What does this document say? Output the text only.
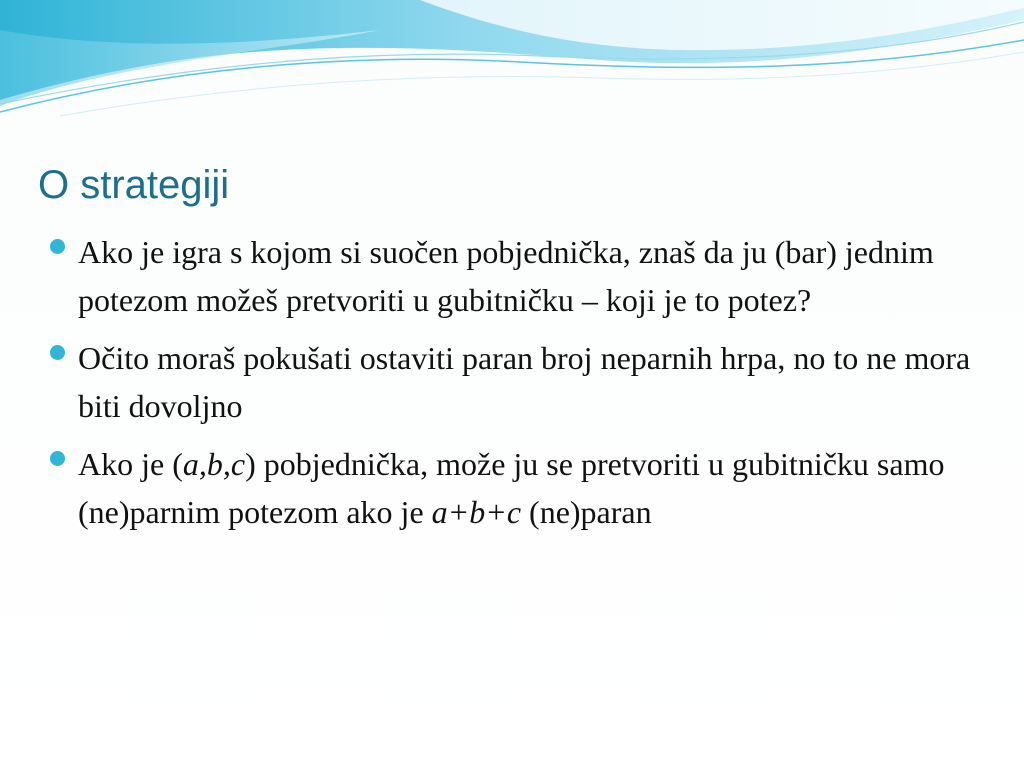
O strategiji
Ako je igra s kojom si suočen pobjednička, znaš da ju (bar) jednim potezom možeš pretvoriti u gubitničku – koji je to potez?
Očito moraš pokušati ostaviti paran broj neparnih hrpa, no to ne mora biti dovoljno
Ako je (a,b,c) pobjednička, može ju se pretvoriti u gubitničku samo (ne)parnim potezom ako je a+b+c (ne)paran
